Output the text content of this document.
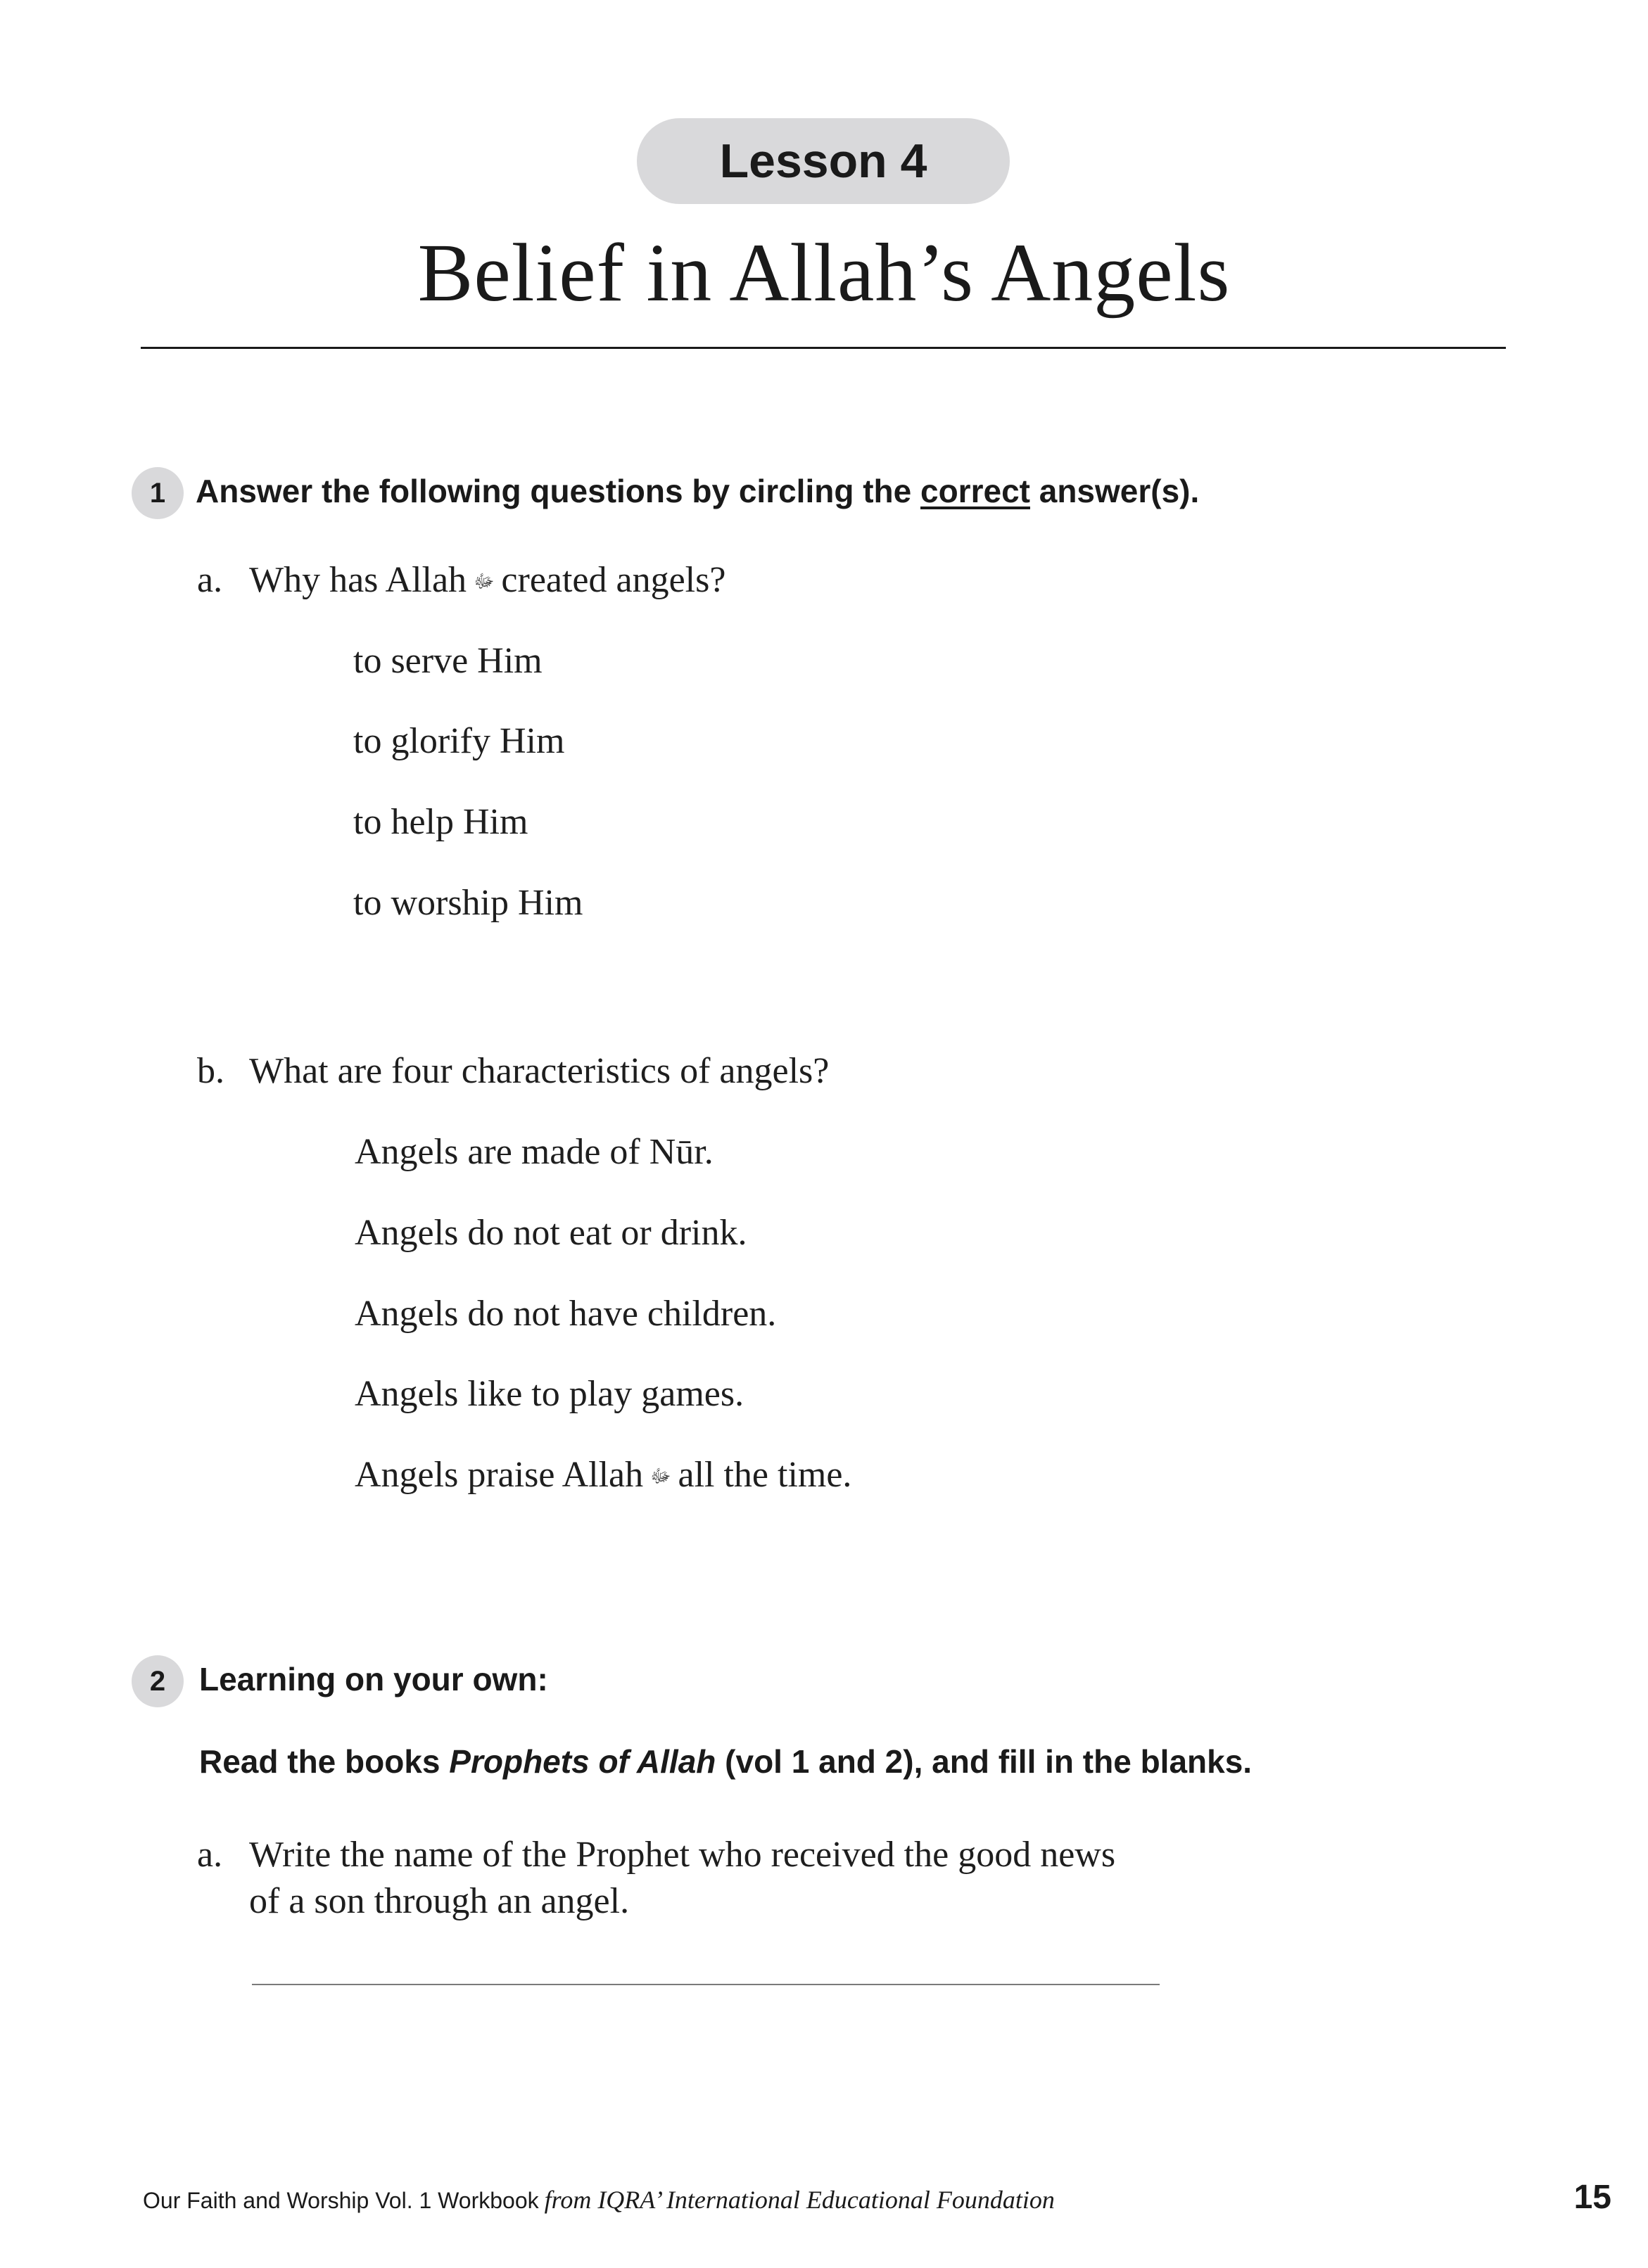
Lesson 4
Belief in Allah’s Angels
1 Answer the following questions by circling the correct answer(s).
a. Why has Allah ﷻ created angels?
to serve Him
to glorify Him
to help Him
to worship Him
b. What are four characteristics of angels?
Angels are made of Nūr.
Angels do not eat or drink.
Angels do not have children.
Angels like to play games.
Angels praise Allah ﷻ all the time.
2 Learning on your own:
Read the books Prophets of Allah (vol 1 and 2), and fill in the blanks.
a. Write the name of the Prophet who received the good news
of a son through an angel.
Our Faith and Worship Vol. 1 Workbook from IQRA’ International Educational Foundation	15
